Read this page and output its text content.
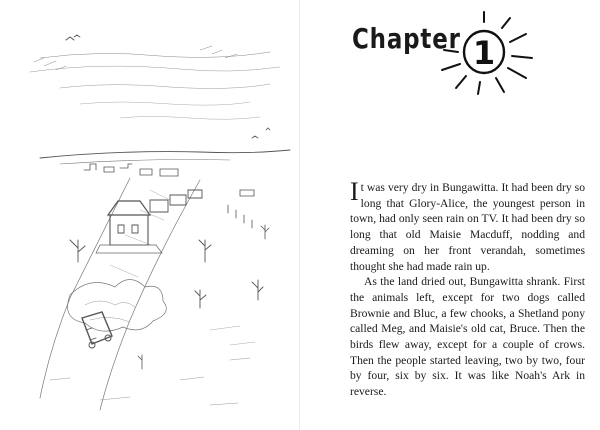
Chapter 1

It was very dry in Bungawitta. It had been dry so long that Glory-Alice, the youngest person in town, had only seen rain on TV. It had been dry so long that old Maisie Macduff, nodding and dreaming on her front verandah, sometimes thought she had made rain up.

As the land dried out, Bungawitta shrank. First the animals left, except for two dogs called Brownie and Bluc, a few chooks, a Shetland pony called Meg, and Maisie's old cat, Bruce. Then the birds flew away, except for a couple of crows. Then the people started leaving, two by two, four by four, six by six. It was like Noah's Ark in reverse.
